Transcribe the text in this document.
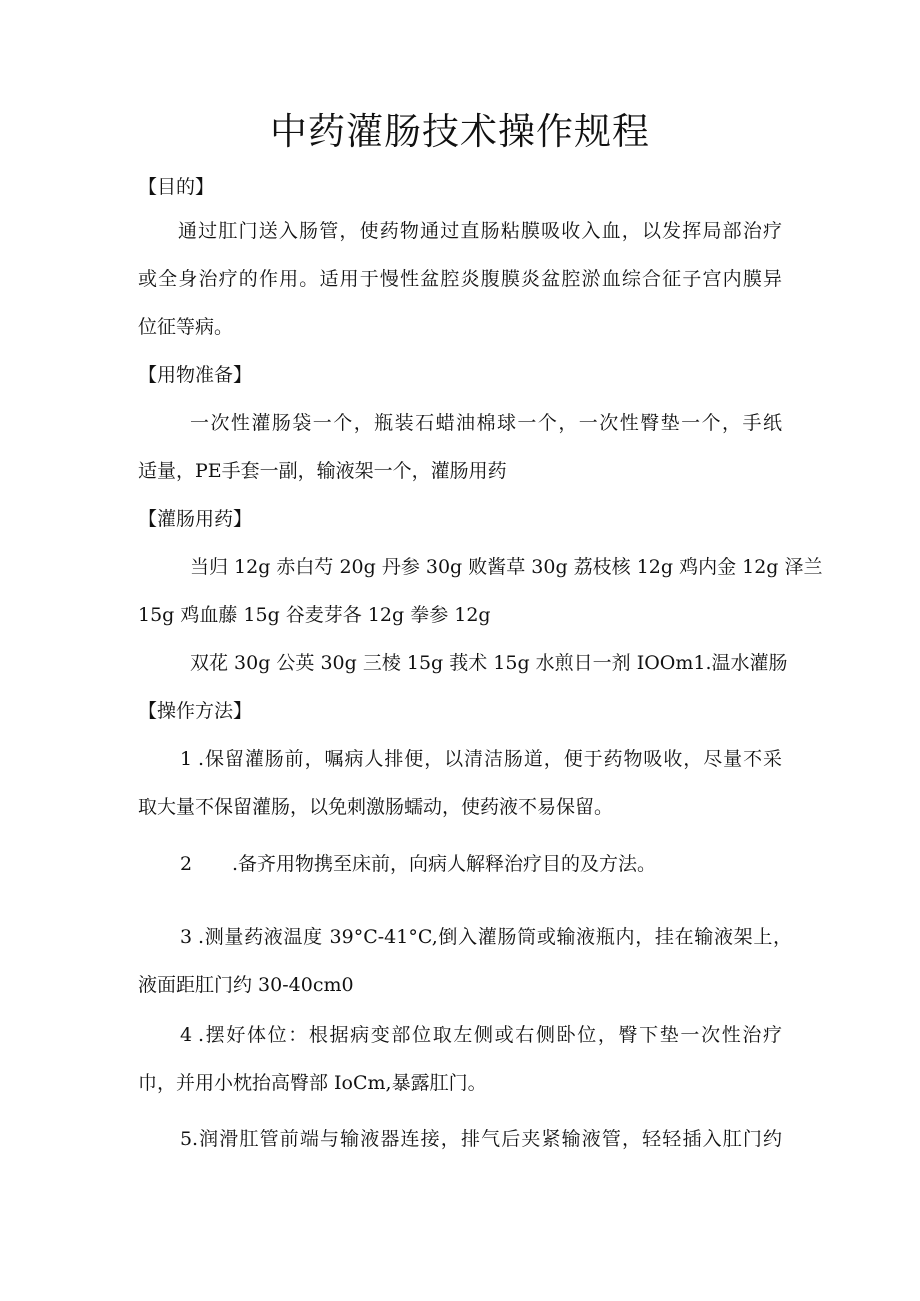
中药灌肠技术操作规程
【目的】
通过肛门送入肠管，使药物通过直肠粘膜吸收入血，以发挥局部治疗
或全身治疗的作用。适用于慢性盆腔炎腹膜炎盆腔淤血综合征子宫内膜异
位征等病。
【用物准备】
一次性灌肠袋一个，瓶装石蜡油棉球一个，一次性臀垫一个，手纸
适量，PE手套一副，输液架一个，灌肠用药
【灌肠用药】
当归 12g 赤白芍 20g 丹参 30g 败酱草 30g 荔枝核 12g 鸡内金 12g 泽兰
15g 鸡血藤 15g 谷麦芽各 12g 拳参 12g
双花 30g 公英 30g 三棱 15g 莪术 15g 水煎日一剂 IOOm1.温水灌肠
【操作方法】
1 .保留灌肠前，嘱病人排便，以清洁肠道，便于药物吸收，尽量不采
取大量不保留灌肠，以免刺激肠蠕动，使药液不易保留。
2 .备齐用物携至床前，向病人解释治疗目的及方法。
3 .测量药液温度 39°C-41°C,倒入灌肠筒或输液瓶内，挂在输液架上，
液面距肛门约 30-40cm0
4 .摆好体位：根据病变部位取左侧或右侧卧位，臀下垫一次性治疗
巾，并用小枕抬高臀部 IoCm,暴露肛门。
5 .润滑肛管前端与输液器连接，排气后夹紧输液管，轻轻插入肛门约
